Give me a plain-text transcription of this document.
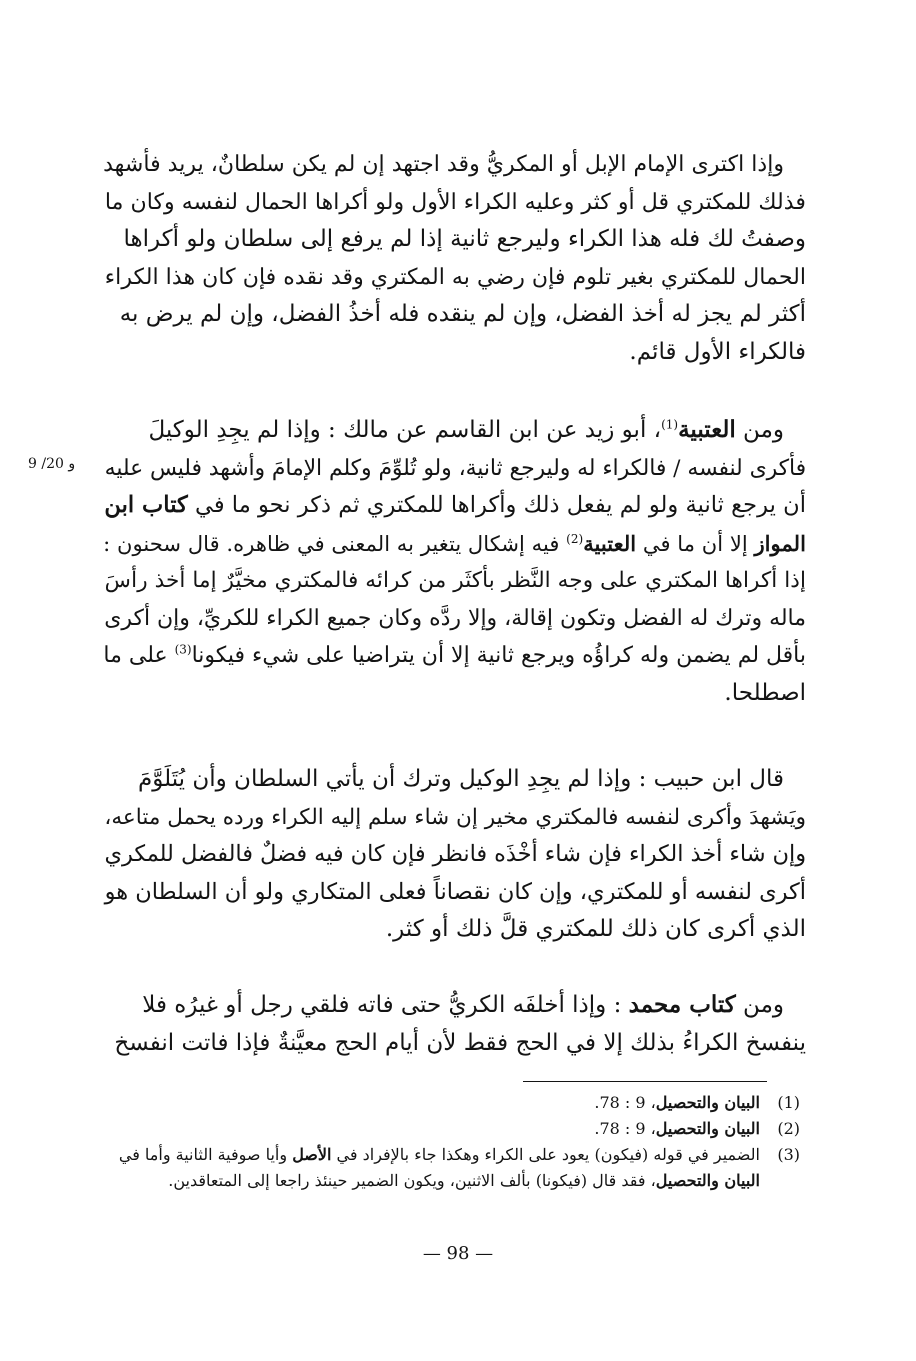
وإذا اكترى الإمام الإبل أو المكريُّ وقد اجتهد إن لم يكن سلطانٌ، يريد فأشهد
فذلك للمكتري قل أو كثر وعليه الكراء الأول ولو أكراها الحمال لنفسه وكان ما
وصفتُ لك فله هذا الكراء وليرجع ثانية إذا لم يرفع إلى سلطان ولو أكراها
الحمال للمكتري بغير تلوم فإن رضي به المكتري وقد نقده فإن كان هذا الكراء
أكثر لم يجز له أخذ الفضل، وإن لم ينقده فله أخذُ الفضل، وإن لم يرض به
فالكراء الأول قائم.
9 /20 و
ومن العتبية$^{(1)}$، أبو زيد عن ابن القاسم عن مالك : وإذا لم يجِدِ الوكيلَ
فأكرى لنفسه / فالكراء له وليرجع ثانية، ولو تُلوِّمَ وكلم الإمامَ وأشهد فليس عليه
أن يرجع ثانية ولو لم يفعل ذلك وأكراها للمكتري ثم ذكر نحو ما في كتاب ابن
المواز إلا أن ما في العتبية$^{(2)}$ فيه إشكال يتغير به المعنى في ظاهره. قال سحنون :
إذا أكراها المكتري على وجه النَّظر بأكثَر من كرائه فالمكتري مخيَّرٌ إما أخذ رأسَ
ماله وترك له الفضل وتكون إقالة، وإلا ردَّه وكان جميع الكراء للكريِّ، وإن أكرى
بأقل لم يضمن وله كراؤُه ويرجع ثانية إلا أن يتراضيا على شيء فيكونا$^{(3)}$ على ما
اصطلحا.
قال ابن حبيب : وإذا لم يجِدِ الوكيل وترك أن يأتي السلطان وأن يُتَلَوَّمَ
ويَشهدَ وأكرى لنفسه فالمكتري مخير إن شاء سلم إليه الكراء ورده يحمل متاعه،
وإن شاء أخذ الكراء فإن شاء أخْذَه فانظر فإن كان فيه فضلٌ فالفضل للمكري
أكرى لنفسه أو للمكتري، وإن كان نقصاناً فعلى المتكاري ولو أن السلطان هو
الذي أكرى كان ذلك للمكتري قلَّ ذلك أو كثر.
ومن كتاب محمد : وإذا أخلفَه الكريُّ حتى فاته فلقي رجل أو غيرُه فلا
ينفسخ الكراءُ بذلك إلا في الحج فقط لأن أيام الحج معيَّنةٌ فإذا فاتت انفسخ
(1)
البيان والتحصيل، 9 : 78.
(2)
البيان والتحصيل، 9 : 78.
(3)
الضمير في قوله (فيكون) يعود على الكراء وهكذا جاء بالإفراد في الأصل وأيا صوفية الثانية وأما في
البيان والتحصيل، فقد قال (فيكونا) بألف الاثنين، ويكون الضمير حينئذ راجعا إلى المتعاقدين.
— 98 —
